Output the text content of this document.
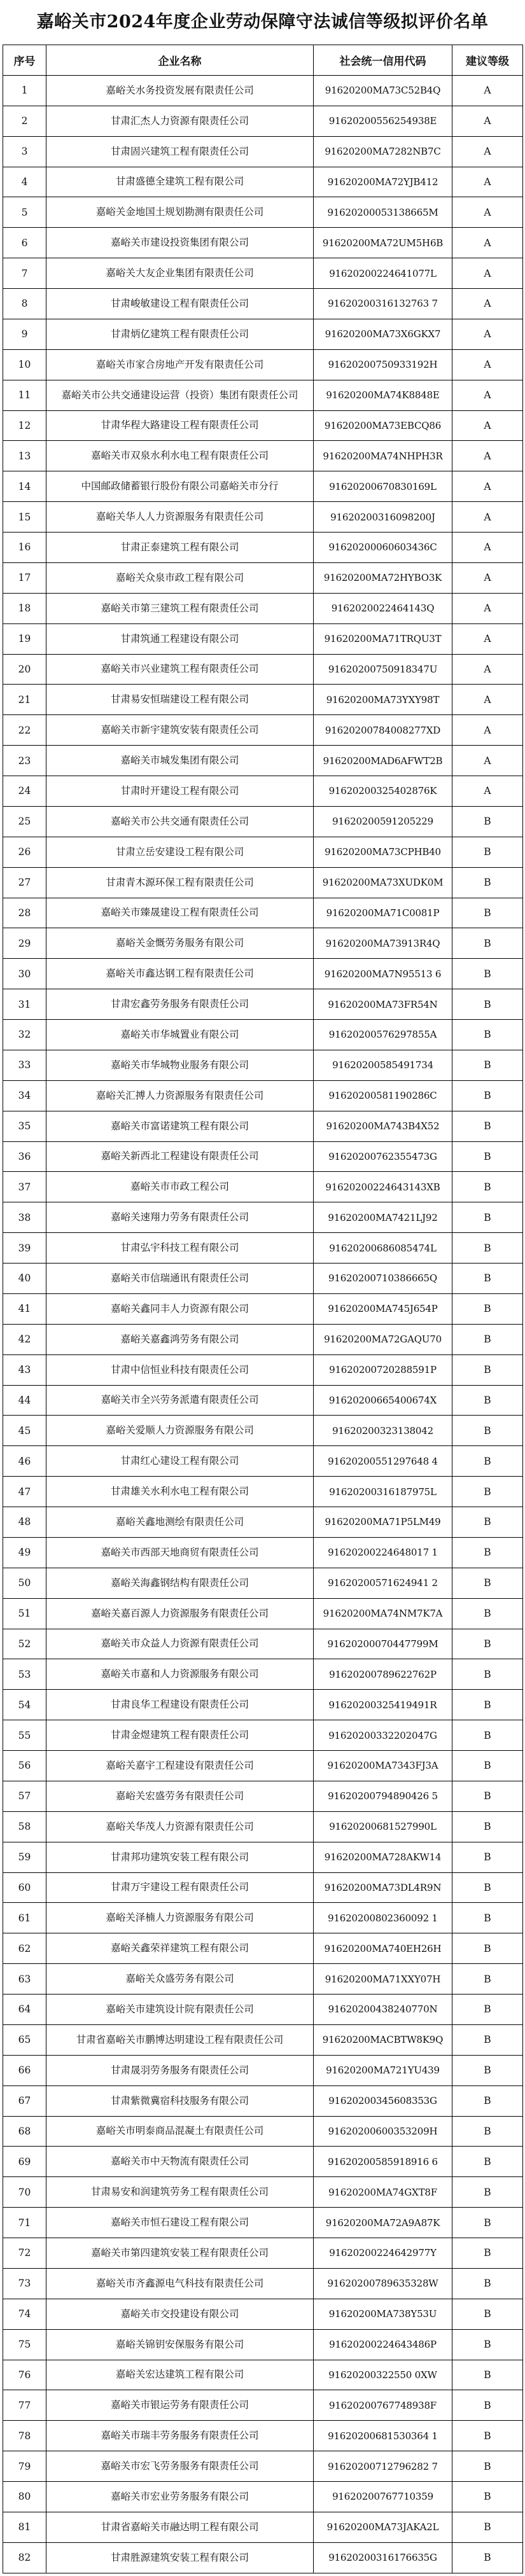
嘉峪关市2024年度企业劳动保障守法诚信等级拟评价名单
序号	企业名称	社会统一信用代码	建议等级
1	嘉峪关水务投资发展有限责任公司	91620200MA73C52B4Q	A
2	甘肃汇杰人力资源有限责任公司	91620200556254938E	A
3	甘肃固兴建筑工程有限责任公司	91620200MA7282NB7C	A
4	甘肃盛德全建筑工程有限公司	91620200MA72YJB412	A
5	嘉峪关金地国土规划勘测有限责任公司	91620200053138665M	A
6	嘉峪关市建设投资集团有限公司	91620200MA72UM5H6B	A
7	嘉峪关大友企业集团有限责任公司	91620200224641077L	A
8	甘肃峻敏建设工程有限责任公司	91620200316132763 7	A
9	甘肃炳亿建筑工程有限责任公司	91620200MA73X6GKX7	A
10	嘉峪关市家合房地产开发有限责任公司	91620200750933192H	A
11	嘉峪关市公共交通建设运营（投资）集团有限责任公司	91620200MA74K8848E	A
12	甘肃华程大路建设工程有限责任公司	91620200MA73EBCQ86	A
13	嘉峪关市双泉水利水电工程有限责任公司	91620200MA74NHPH3R	A
14	中国邮政储蓄银行股份有限公司嘉峪关市分行	91620200670830169L	A
15	嘉峪关华人人力资源服务有限责任公司	91620200316098200J	A
16	甘肃正泰建筑工程有限公司	91620200060603436C	A
17	嘉峪关众泉市政工程有限公司	91620200MA72HYBO3K	A
18	嘉峪关市第三建筑工程有限责任公司	9162020022464143Q	A
19	甘肃筑通工程建设有限公司	91620200MA71TRQU3T	A
20	嘉峪关市兴业建筑工程有限责任公司	91620200750918347U	A
21	甘肃易安恒瑞建设工程有限公司	91620200MA73YXY98T	A
22	嘉峪关市新宇建筑安装有限责任公司	91620200784008277XD	A
23	嘉峪关市城发集团有限公司	91620200MAD6AFWT2B	A
24	甘肃时开建设工程有限公司	91620200325402876K	A
25	嘉峪关市公共交通有限责任公司	91620200591205229	B
26	甘肃立岳安建设工程有限公司	91620200MA73CPHB40	B
27	甘肃青木源环保工程有限责任公司	91620200MA73XUDK0M	B
28	嘉峪关市臻晟建设工程有限责任公司	91620200MA71C0081P	B
29	嘉峪关金慨劳务服务有限公司	91620200MA73913R4Q	B
30	嘉峪关市鑫达钢工程有限责任公司	91620200MA7N95513 6	B
31	甘肃宏鑫劳务服务有限责任公司	91620200MA73FR54N	B
32	嘉峪关市华城置业有限公司	91620200576297855A	B
33	嘉峪关市华城物业服务有限公司	91620200585491734	B
34	嘉峪关汇搏人力资源服务有限责任公司	91620200581190286C	B
35	嘉峪关市富诺建筑工程有限公司	91620200MA743B4X52	B
36	嘉峪关新西北工程建设有限责任公司	91620200762355473G	B
37	嘉峪关市市政工程公司	91620200224643143XB	B
38	嘉峪关速翔力劳务有限责任公司	91620200MA7421LJ92	B
39	甘肃弘宇科技工程有限公司	91620200686085474L	B
40	嘉峪关市信瑞通讯有限责任公司	91620200710386665Q	B
41	嘉峪关鑫同丰人力资源有限公司	91620200MA745J654P	B
42	嘉峪关嘉鑫鸿劳务有限公司	91620200MA72GAQU70	B
43	甘肃中信恒业科技有限责任公司	91620200720288591P	B
44	嘉峪关市全兴劳务派遣有限责任公司	91620200665400674X	B
45	嘉峪关爱顺人力资源服务有限公司	91620200323138042	B
46	甘肃红心建设工程有限公司	91620200551297648 4	B
47	甘肃雄关水利水电工程有限公司	91620200316187975L	B
48	嘉峪关鑫地测绘有限责任公司	91620200MA71P5LM49	B
49	嘉峪关市西部天地商贸有限责任公司	91620200224648017 1	B
50	嘉峪关海鑫钢结构有限责任公司	91620200571624941 2	B
51	嘉峪关嘉百源人力资源服务有限责任公司	91620200MA74NM7K7A	B
52	嘉峪关市众益人力资源有限责任公司	91620200070447799M	B
53	嘉峪关市嘉和人力资源服务有限公司	91620200789622762P	B
54	甘肃良华工程建设有限责任公司	91620200325419491R	B
55	甘肃金煜建筑工程有限责任公司	91620200332202047G	B
56	嘉峪关嘉宇工程建设有限责任公司	91620200MA7343FJ3A	B
57	嘉峪关宏盛劳务有限责任公司	91620200794890426 5	B
58	嘉峪关华茂人力资源有限责任公司	91620200681527990L	B
59	甘肃邦功建筑安装工程有限公司	91620200MA728AKW14	B
60	甘肃万宇建设工程有限责任公司	91620200MA73DL4R9N	B
61	嘉峪关泽楠人力资源服务有限公司	91620200802360092 1	B
62	嘉峪关鑫荣祥建筑工程有限公司	91620200MA740EH26H	B
63	嘉峪关众盛劳务有限公司	91620200MA71XXY07H	B
64	嘉峪关市建筑设计院有限责任公司	91620200438240770N	B
65	甘肃省嘉峪关市鹏博达明建设工程有限责任公司	91620200MACBTW8K9Q	B
66	甘肃晟羽劳务服务有限责任公司	91620200MA721YU439	B
67	甘肃紫微冀宿科技服务有限公司	91620200345608353G	B
68	嘉峪关市明泰商品混凝土有限责任公司	91620200600353209H	B
69	嘉峪关市中天物流有限责任公司	91620200585918916 6	B
70	甘肃易安和润建筑劳务工程有限责任公司	91620200MA74GXT8F	B
71	嘉峪关市恒石建设工程有限公司	91620200MA72A9A87K	B
72	嘉峪关市第四建筑安装工程有限责任公司	91620200224642977Y	B
73	嘉峪关市齐鑫源电气科技有限责任公司	91620200789635328W	B
74	嘉峪关市交投建设有限公司	91620200MA738Y53U	B
75	嘉峪关锦钥安保服务有限公司	91620200224643486P	B
76	嘉峪关宏达建筑工程有限公司	91620200322550 0XW	B
77	嘉峪关市银运劳务有限责任公司	91620200767748938F	B
78	嘉峪关市瑞丰劳务服务有限责任公司	91620200681530364 1	B
79	嘉峪关市宏飞劳务服务有限责任公司	91620200712796282 7	B
80	嘉峪关市宏业劳务服务有限公司	91620200767710359	B
81	甘肃省嘉峪关市融达明工程有限公司	91620200MA73JAKA2L	B
82	甘肃胜源建筑安装工程有限公司	91620200316176635G	B
